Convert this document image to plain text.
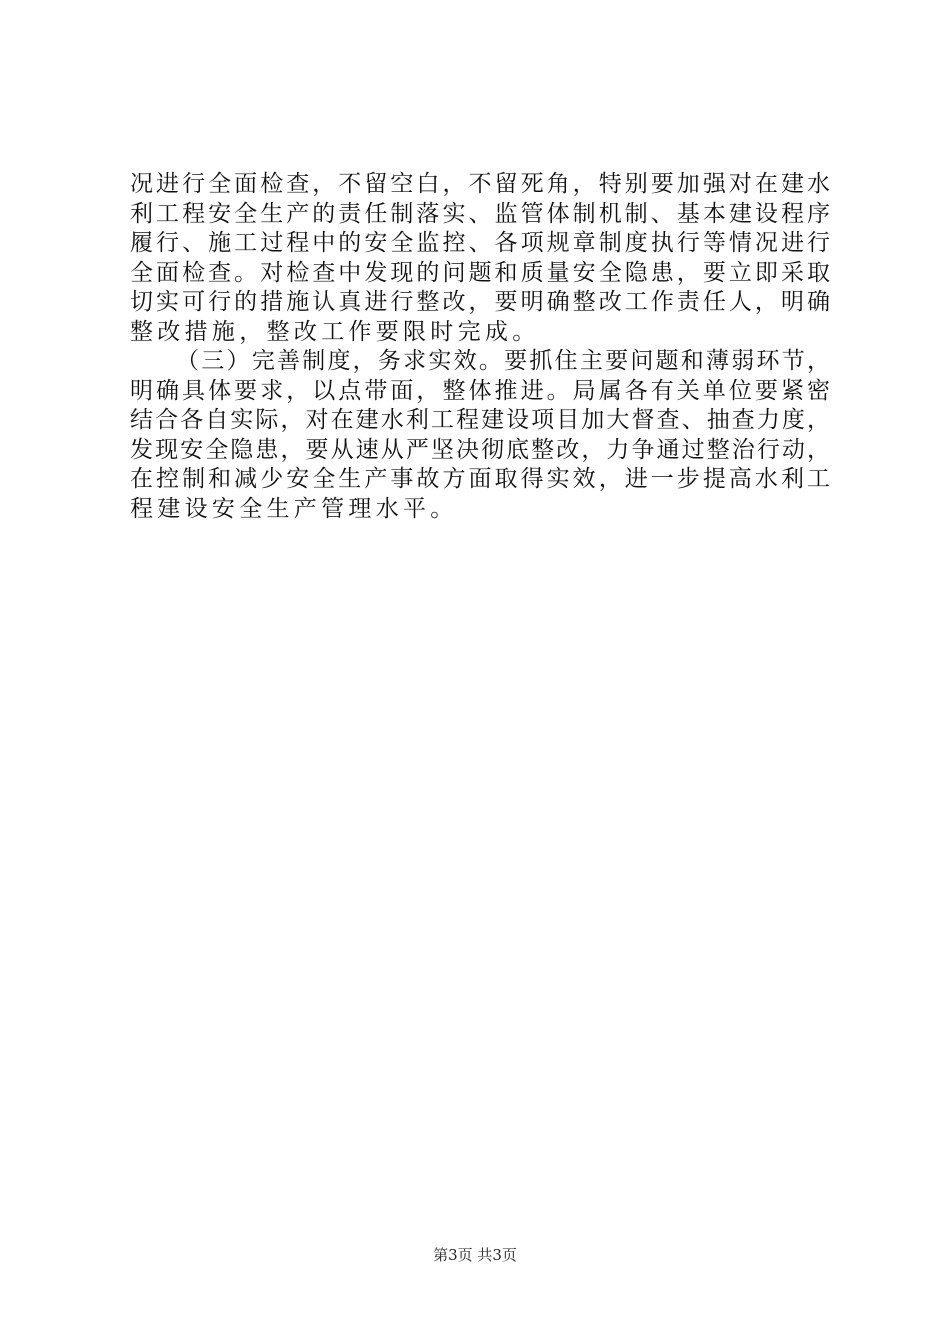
况进行全面检查，不留空白，不留死角，特别要加强对在建水
利工程安全生产的责任制落实、监管体制机制、基本建设程序
履行、施工过程中的安全监控、各项规章制度执行等情况进行
全面检查。对检查中发现的问题和质量安全隐患，要立即采取
切实可行的措施认真进行整改，要明确整改工作责任人，明确
整改措施，整改工作要限时完成。
（三）完善制度，务求实效。要抓住主要问题和薄弱环节，
明确具体要求，以点带面，整体推进。局属各有关单位要紧密
结合各自实际，对在建水利工程建设项目加大督查、抽查力度，
发现安全隐患，要从速从严坚决彻底整改，力争通过整治行动，
在控制和减少安全生产事故方面取得实效，进一步提高水利工
程建设安全生产管理水平。
第3页 共3页
